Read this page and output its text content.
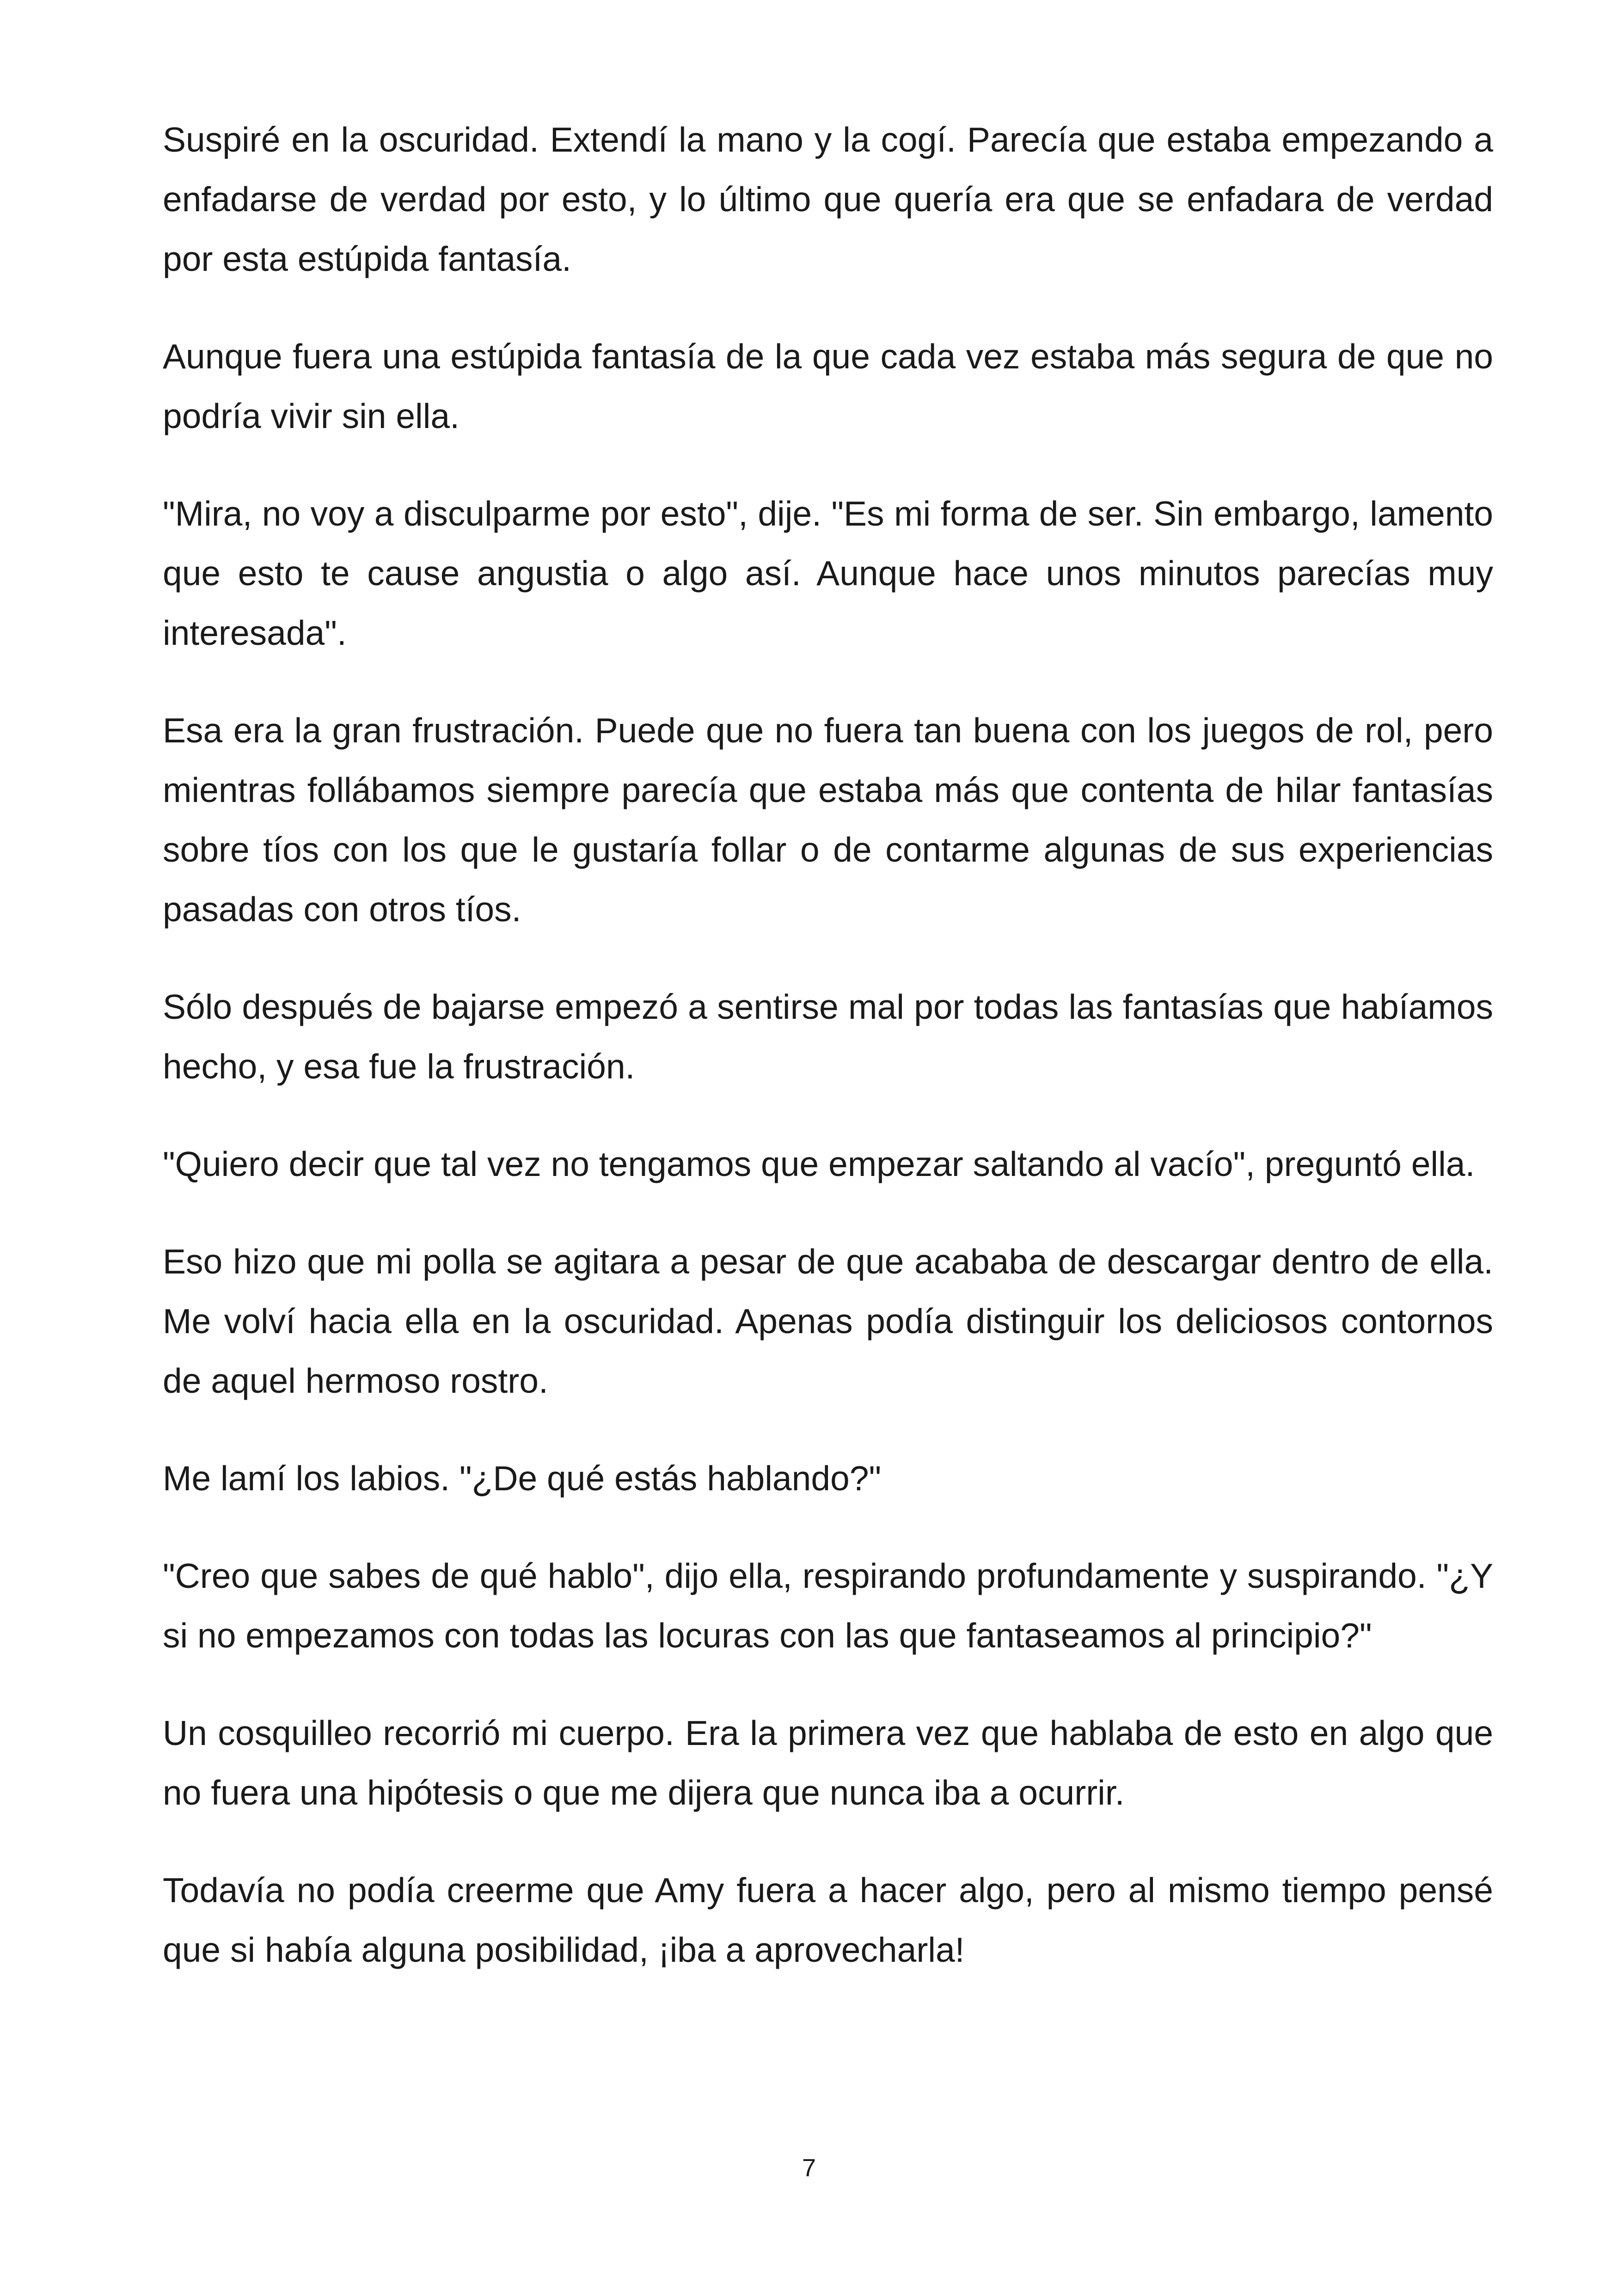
Suspiré en la oscuridad. Extendí la mano y la cogí. Parecía que estaba empezando a enfadarse de verdad por esto, y lo último que quería era que se enfadara de verdad por esta estúpida fantasía.

Aunque fuera una estúpida fantasía de la que cada vez estaba más segura de que no podría vivir sin ella.

"Mira, no voy a disculparme por esto", dije. "Es mi forma de ser. Sin embargo, lamento que esto te cause angustia o algo así. Aunque hace unos minutos parecías muy interesada".

Esa era la gran frustración. Puede que no fuera tan buena con los juegos de rol, pero mientras follábamos siempre parecía que estaba más que contenta de hilar fantasías sobre tíos con los que le gustaría follar o de contarme algunas de sus experiencias pasadas con otros tíos.

Sólo después de bajarse empezó a sentirse mal por todas las fantasías que habíamos hecho, y esa fue la frustración.

"Quiero decir que tal vez no tengamos que empezar saltando al vacío", preguntó ella.

Eso hizo que mi polla se agitara a pesar de que acababa de descargar dentro de ella. Me volví hacia ella en la oscuridad. Apenas podía distinguir los deliciosos contornos de aquel hermoso rostro.

Me lamí los labios. "¿De qué estás hablando?"

"Creo que sabes de qué hablo", dijo ella, respirando profundamente y suspirando. "¿Y si no empezamos con todas las locuras con las que fantaseamos al principio?"

Un cosquilleo recorrió mi cuerpo. Era la primera vez que hablaba de esto en algo que no fuera una hipótesis o que me dijera que nunca iba a ocurrir.

Todavía no podía creerme que Amy fuera a hacer algo, pero al mismo tiempo pensé que si había alguna posibilidad, ¡iba a aprovecharla!

7
